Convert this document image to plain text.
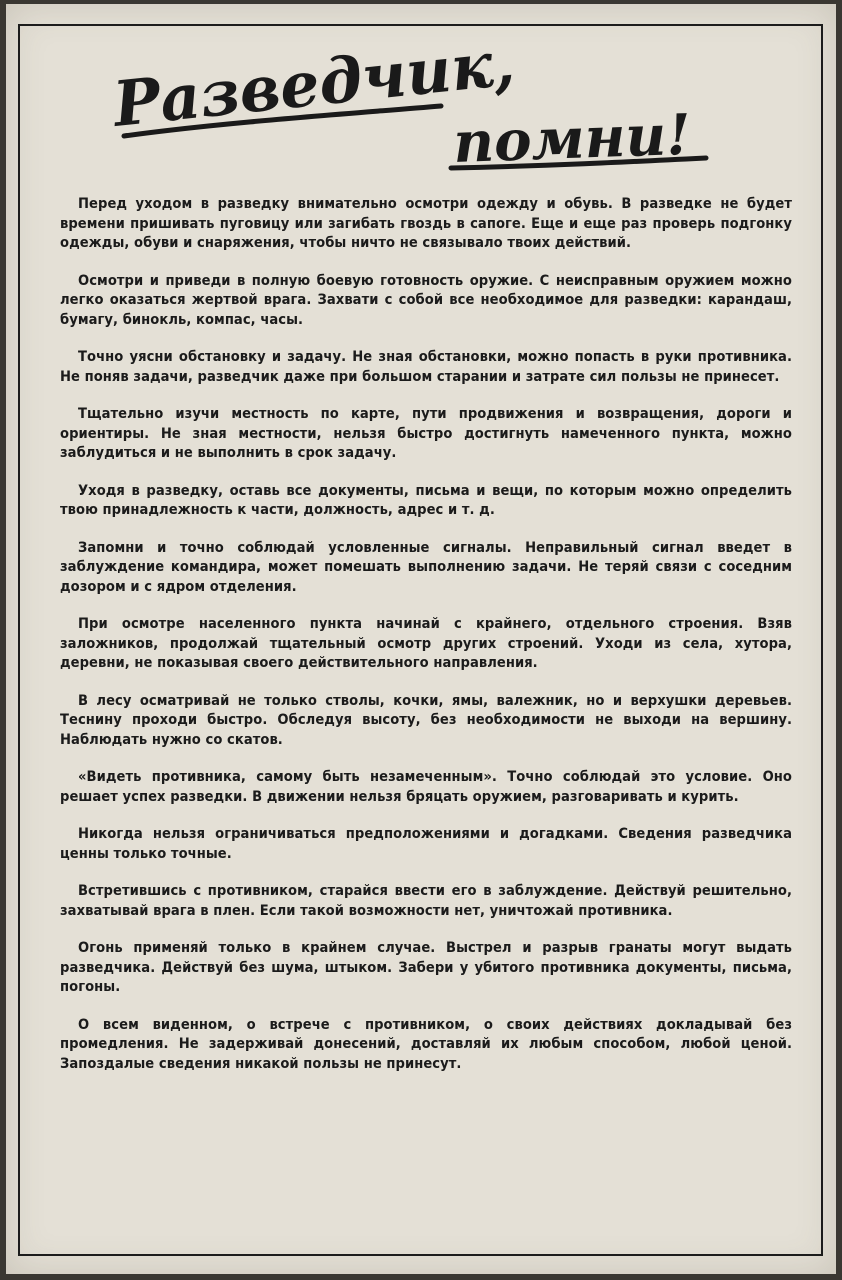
Разведчик,
помни!

Перед уходом в разведку внимательно осмотри одежду и обувь. В разведке не будет времени пришивать пуговицу или загибать гвоздь в сапоге. Еще и еще раз проверь подгонку одежды, обуви и снаряжения, чтобы ничто не связывало твоих действий.

Осмотри и приведи в полную боевую готовность оружие. С неисправным оружием можно легко оказаться жертвой врага. Захвати с собой все необходимое для разведки: карандаш, бумагу, бинокль, компас, часы.

Точно уясни обстановку и задачу. Не зная обстановки, можно попасть в руки противника. Не поняв задачи, разведчик даже при большом старании и затрате сил пользы не принесет.

Тщательно изучи местность по карте, пути продвижения и возвращения, дороги и ориентиры. Не зная местности, нельзя быстро достигнуть намеченного пункта, можно заблудиться и не выполнить в срок задачу.

Уходя в разведку, оставь все документы, письма и вещи, по которым можно определить твою принадлежность к части, должность, адрес и т. д.

Запомни и точно соблюдай условленные сигналы. Неправильный сигнал введет в заблуждение командира, может помешать выполнению задачи. Не теряй связи с соседним дозором и с ядром отделения.

При осмотре населенного пункта начинай с крайнего, отдельного строения. Взяв заложников, продолжай тщательный осмотр других строений. Уходи из села, хутора, деревни, не показывая своего действительного направления.

В лесу осматривай не только стволы, кочки, ямы, валежник, но и верхушки деревьев. Теснину проходи быстро. Обследуя высоту, без необходимости не выходи на вершину. Наблюдать нужно со скатов.

«Видеть противника, самому быть незамеченным». Точно соблюдай это условие. Оно решает успех разведки. В движении нельзя бряцать оружием, разговаривать и курить.

Никогда нельзя ограничиваться предположениями и догадками. Сведения разведчика ценны только точные.

Встретившись с противником, старайся ввести его в заблуждение. Действуй решительно, захватывай врага в плен. Если такой возможности нет, уничтожай противника.

Огонь применяй только в крайнем случае. Выстрел и разрыв гранаты могут выдать разведчика. Действуй без шума, штыком. Забери у убитого противника документы, письма, погоны.

О всем виденном, о встрече с противником, о своих действиях докладывай без промедления. Не задерживай донесений, доставляй их любым способом, любой ценой. Запоздалые сведения никакой пользы не принесут.
